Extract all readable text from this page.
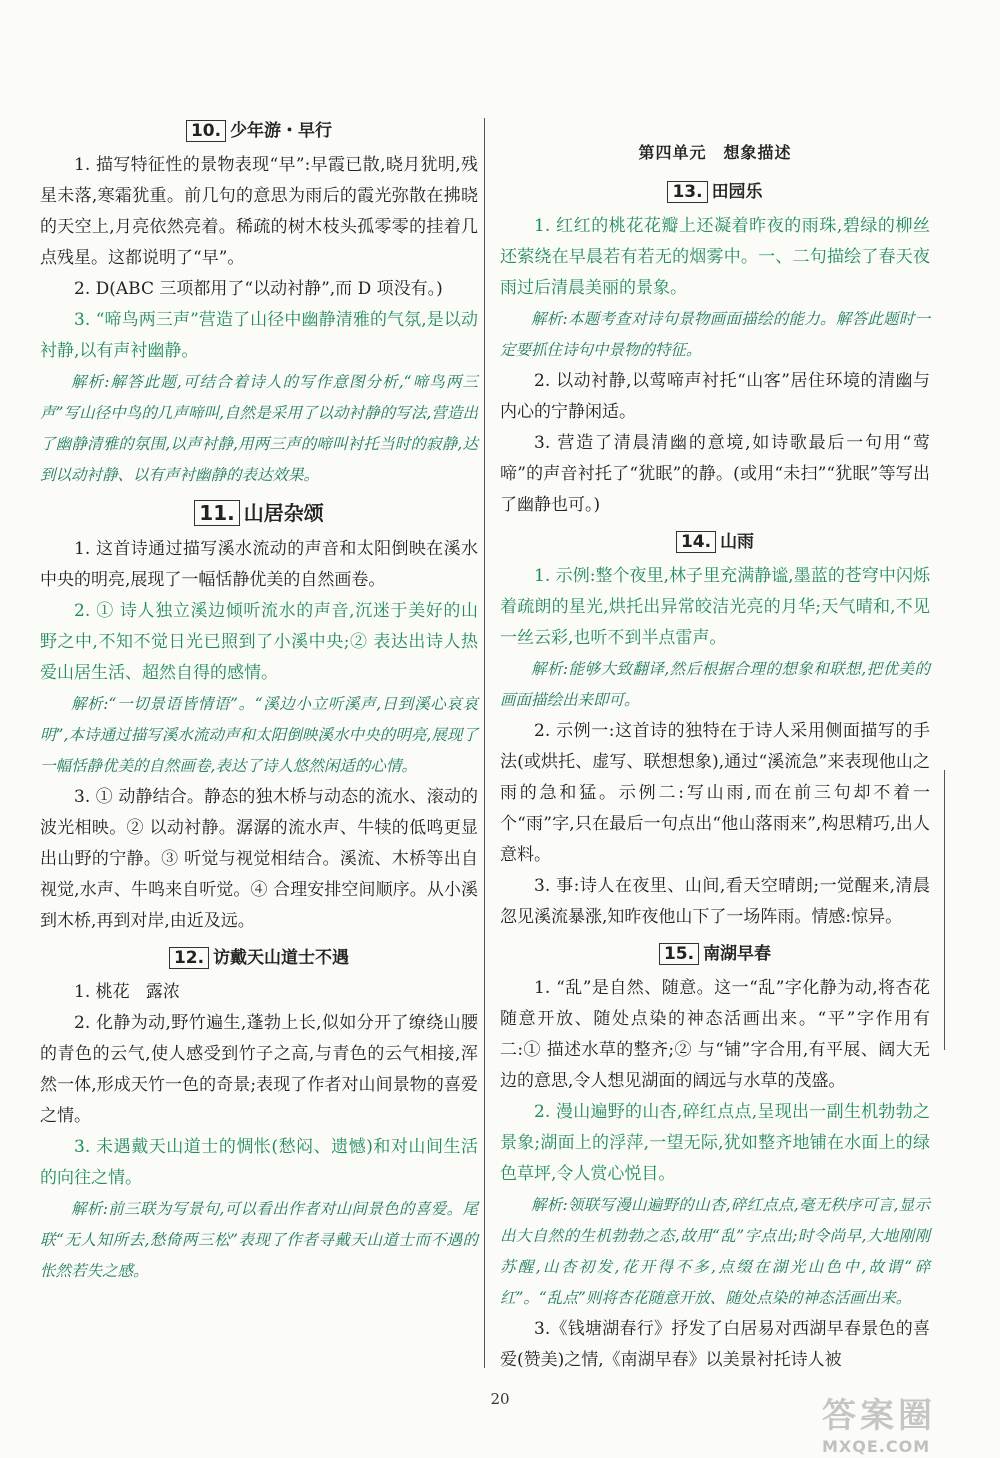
10. 少年游・早行

1. 描写特征性的景物表现“早”:早霞已散,晓月犹明,残星未落,寒霜犹重。前几句的意思为雨后的霞光弥散在拂晓的天空上,月亮依然亮着。稀疏的树木枝头孤零零的挂着几点残星。这都说明了“早”。

2. D(ABC 三项都用了“以动衬静”,而 D 项没有。)

3. “啼鸟两三声”营造了山径中幽静清雅的气氛,是以动衬静,以有声衬幽静。

解析:解答此题,可结合着诗人的写作意图分析,“啼鸟两三声”写山径中鸟的几声啼叫,自然是采用了以动衬静的写法,营造出了幽静清雅的氛围,以声衬静,用两三声的啼叫衬托当时的寂静,达到以动衬静、以有声衬幽静的表达效果。

11. 山居杂颂

1. 这首诗通过描写溪水流动的声音和太阳倒映在溪水中央的明亮,展现了一幅恬静优美的自然画卷。

2. ① 诗人独立溪边倾听流水的声音,沉迷于美好的山野之中,不知不觉日光已照到了小溪中央;② 表达出诗人热爱山居生活、超然自得的感情。

解析:“一切景语皆情语”。“溪边小立听溪声,日到溪心哀哀明”,本诗通过描写溪水流动声和太阳倒映溪水中央的明亮,展现了一幅恬静优美的自然画卷,表达了诗人悠然闲适的心情。

3. ① 动静结合。静态的独木桥与动态的流水、滚动的波光相映。② 以动衬静。潺潺的流水声、牛犊的低鸣更显出山野的宁静。③ 听觉与视觉相结合。溪流、木桥等出自视觉,水声、牛鸣来自听觉。④ 合理安排空间顺序。从小溪到木桥,再到对岸,由近及远。

12. 访戴天山道士不遇

1. 桃花   露浓

2. 化静为动,野竹遍生,蓬勃上长,似如分开了缭绕山腰的青色的云气,使人感受到竹子之高,与青色的云气相接,浑然一体,形成天竹一色的奇景;表现了作者对山间景物的喜爱之情。

3. 未遇戴天山道士的惆怅(愁闷、遗憾)和对山间生活的向往之情。

解析:前三联为写景句,可以看出作者对山间景色的喜爱。尾联“无人知所去,愁倚两三松”表现了作者寻戴天山道士而不遇的怅然若失之感。

第四单元　想象描述
13. 田园乐

1. 红红的桃花花瓣上还凝着昨夜的雨珠,碧绿的柳丝还萦绕在早晨若有若无的烟雾中。一、二句描绘了春天夜雨过后清晨美丽的景象。

解析:本题考查对诗句景物画面描绘的能力。解答此题时一定要抓住诗句中景物的特征。

2. 以动衬静,以莺啼声衬托“山客”居住环境的清幽与内心的宁静闲适。

3. 营造了清晨清幽的意境,如诗歌最后一句用“莺啼”的声音衬托了“犹眠”的静。(或用“未扫”“犹眠”等写出了幽静也可。)

14. 山雨

1. 示例:整个夜里,林子里充满静谧,墨蓝的苍穹中闪烁着疏朗的星光,烘托出异常皎洁光亮的月华;天气晴和,不见一丝云彩,也听不到半点雷声。

解析:能够大致翻译,然后根据合理的想象和联想,把优美的画面描绘出来即可。

2. 示例一:这首诗的独特在于诗人采用侧面描写的手法(或烘托、虚写、联想想象),通过“溪流急”来表现他山之雨的急和猛。示例二:写山雨,而在前三句却不着一个“雨”字,只在最后一句点出“他山落雨来”,构思精巧,出人意料。

3. 事:诗人在夜里、山间,看天空晴朗;一觉醒来,清晨忽见溪流暴涨,知昨夜他山下了一场阵雨。情感:惊异。

15. 南湖早春

1. “乱”是自然、随意。这一“乱”字化静为动,将杏花随意开放、随处点染的神态活画出来。“平”字作用有二:① 描述水草的整齐;② 与“铺”字合用,有平展、阔大无边的意思,令人想见湖面的阔远与水草的茂盛。

2. 漫山遍野的山杏,碎红点点,呈现出一副生机勃勃之景象;湖面上的浮萍,一望无际,犹如整齐地铺在水面上的绿色草坪,令人赏心悦目。

解析:领联写漫山遍野的山杏,碎红点点,毫无秩序可言,显示出大自然的生机勃勃之态,故用“乱”字点出;时令尚早,大地刚刚苏醒,山杏初发,花开得不多,点缀在湖光山色中,故谓“碎红”。“乱点”则将杏花随意开放、随处点染的神态活画出来。

3.《钱塘湖春行》抒发了白居易对西湖早春景色的喜爱(赞美)之情,《南湖早春》以美景衬托诗人被

20	答案圈
MXQE.COM
